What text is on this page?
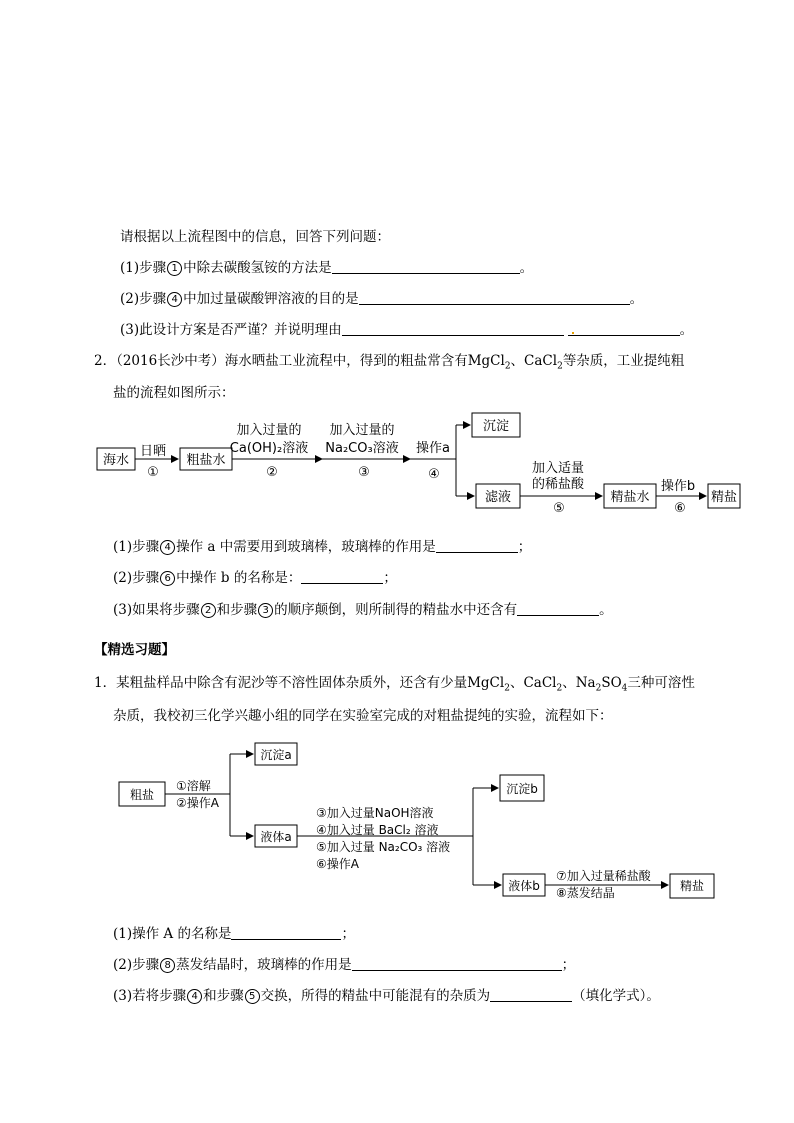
请根据以上流程图中的信息，回答下列问题：
(1)步骤 1 中除去碳酸氢铵的方法是	。
(2)步骤 4 中加过量碳酸钾溶液的目的是	。
(3)此设计方案是否严谨？并说明理由	。
2．（2016长沙中考）海水晒盐工业流程中，得到的粗盐常含有MgCl$_2$、CaCl$_2$等杂质，工业提纯粗
盐的流程如图所示：
海水	粗盐水
沉淀
滤液	精盐水	精盐
日晒
①
加入过量的
Ca(OH)₂溶液
②
加入过量的
Na₂CO₃溶液
③
操作a
④	加入适量
的稀盐酸
⑤
操作b
⑥
(1)步骤 4 操作 a 中需要用到玻璃棒，玻璃棒的作用是	；
(2)步骤 6 中操作 b 的名称是：	；
(3)如果将步骤 2 和步骤 3 的顺序颠倒，则所制得的精盐水中还含有	。
【精选习题】
1．某粗盐样品中除含有泥沙等不溶性固体杂质外，还含有少量MgCl$_2$、CaCl$_2$、$Na_2SO_4$三种可溶性
杂质，我校初三化学兴趣小组的同学在实验室完成的对粗盐提纯的实验，流程如下：
粗盐
沉淀a
液体a
沉淀b
液体b	精盐
①溶解
②操作A
③加入过量NaOH溶液
④加入过量 BaCl₂ 溶液
⑤加入过量 Na₂CO₃ 溶液
⑥操作A
⑦加入过量稀盐酸
⑧蒸发结晶
(1)操作 A 的名称是	；
(2)步骤 8 蒸发结晶时，玻璃棒的作用是	；
(3)若将步骤 4 和步骤 5 交换，所得的精盐中可能混有的杂质为	（填化学式）。
